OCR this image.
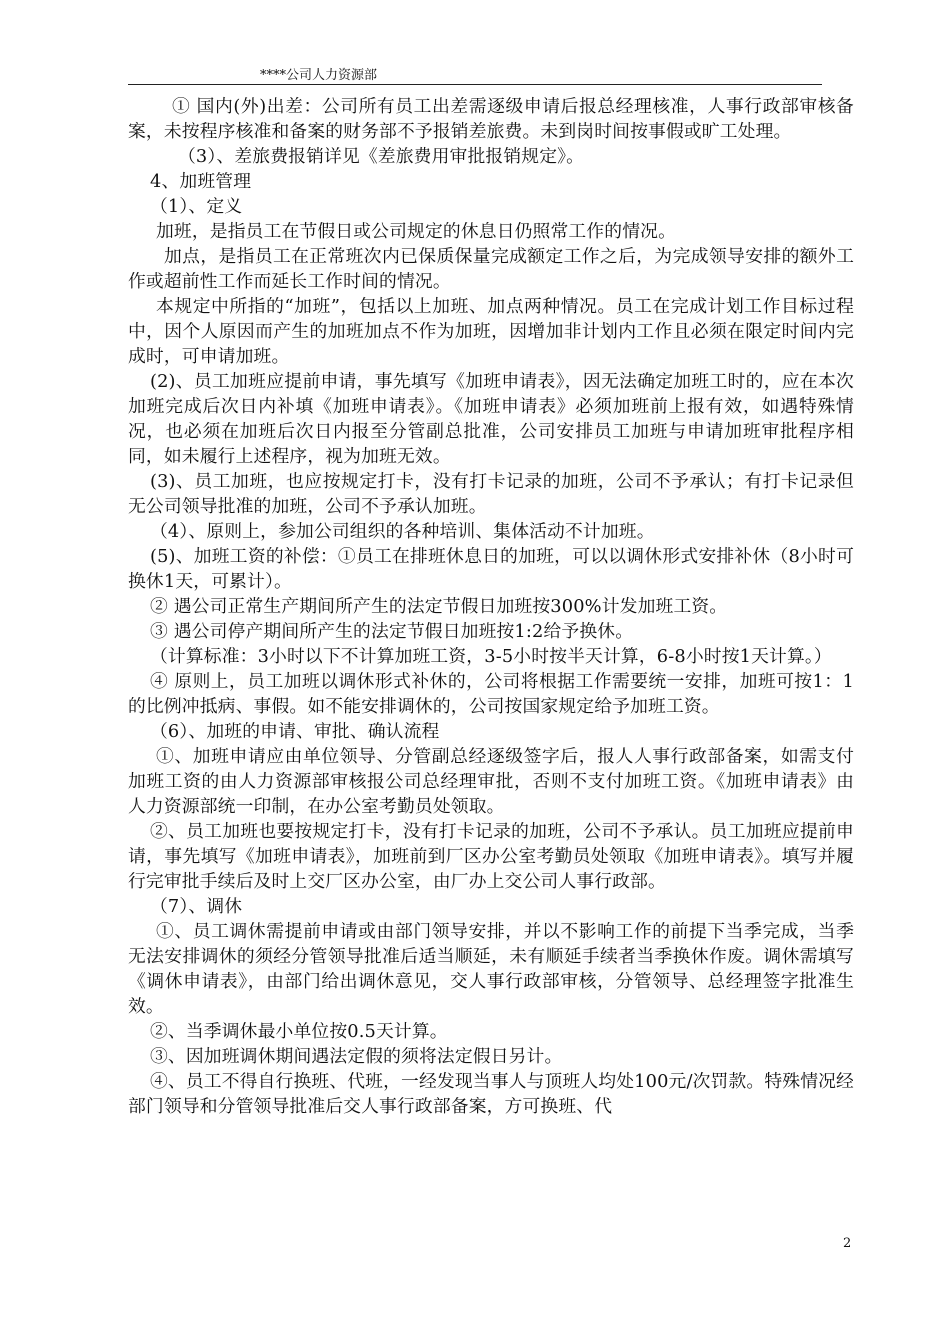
****公司人力资源部

① 国内(外)出差：公司所有员工出差需逐级申请后报总经理核准，人事行政部审核备案，未按程序核准和备案的财务部不予报销差旅费。未到岗时间按事假或旷工处理。

（3）、差旅费报销详见《差旅费用审批报销规定》。

4、加班管理

（1）、定义

加班，是指员工在节假日或公司规定的休息日仍照常工作的情况。

加点，是指员工在正常班次内已保质保量完成额定工作之后，为完成领导安排的额外工作或超前性工作而延长工作时间的情况。

本规定中所指的“加班”，包括以上加班、加点两种情况。员工在完成计划工作目标过程中，因个人原因而产生的加班加点不作为加班，因增加非计划内工作且必须在限定时间内完成时，可申请加班。

(2)、员工加班应提前申请，事先填写《加班申请表》，因无法确定加班工时的，应在本次加班完成后次日内补填《加班申请表》。《加班申请表》必须加班前上报有效，如遇特殊情况，也必须在加班后次日内报至分管副总批准，公司安排员工加班与申请加班审批程序相同，如未履行上述程序，视为加班无效。

(3)、员工加班，也应按规定打卡，没有打卡记录的加班，公司不予承认；有打卡记录但无公司领导批准的加班，公司不予承认加班。

（4）、原则上，参加公司组织的各种培训、集体活动不计加班。

(5)、加班工资的补偿：①员工在排班休息日的加班，可以以调休形式安排补休（8小时可换休1天，可累计）。

② 遇公司正常生产期间所产生的法定节假日加班按300%计发加班工资。

③ 遇公司停产期间所产生的法定节假日加班按1:2给予换休。

（计算标准：3小时以下不计算加班工资，3-5小时按半天计算，6-8小时按1天计算。）

④ 原则上，员工加班以调休形式补休的，公司将根据工作需要统一安排，加班可按1：1的比例冲抵病、事假。如不能安排调休的，公司按国家规定给予加班工资。

（6）、加班的申请、审批、确认流程

①、加班申请应由单位领导、分管副总经逐级签字后，报人人事行政部备案，如需支付加班工资的由人力资源部审核报公司总经理审批，否则不支付加班工资。《加班申请表》由人力资源部统一印制，在办公室考勤员处领取。

②、员工加班也要按规定打卡，没有打卡记录的加班，公司不予承认。员工加班应提前申请，事先填写《加班申请表》，加班前到厂区办公室考勤员处领取《加班申请表》。填写并履行完审批手续后及时上交厂区办公室，由厂办上交公司人事行政部。

（7）、调休

①、员工调休需提前申请或由部门领导安排，并以不影响工作的前提下当季完成，当季无法安排调休的须经分管领导批准后适当顺延，未有顺延手续者当季换休作废。调休需填写《调休申请表》，由部门给出调休意见，交人事行政部审核，分管领导、总经理签字批准生效。

②、当季调休最小单位按0.5天计算。

③、因加班调休期间遇法定假的须将法定假日另计。

④、员工不得自行换班、代班，一经发现当事人与顶班人均处100元/次罚款。特殊情况经部门领导和分管领导批准后交人事行政部备案，方可换班、代

2
